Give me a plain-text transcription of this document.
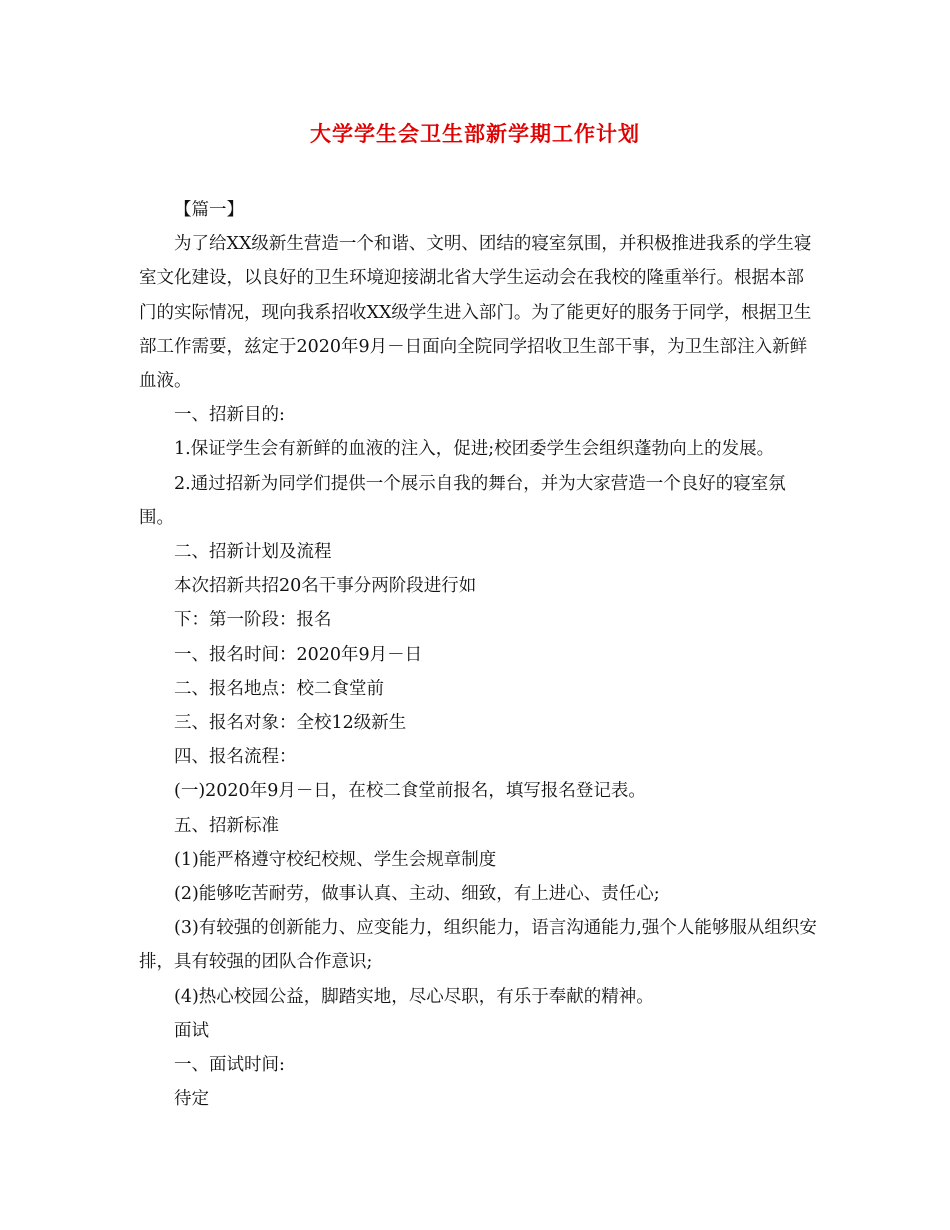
大学学生会卫生部新学期工作计划

【篇一】

为了给XX级新生营造一个和谐、文明、团结的寝室氛围，并积极推进我系的学生寝室文化建设，以良好的卫生环境迎接湖北省大学生运动会在我校的隆重举行。根据本部门的实际情况，现向我系招收XX级学生进入部门。为了能更好的服务于同学，根据卫生部工作需要，兹定于2020年9月－日面向全院同学招收卫生部干事，为卫生部注入新鲜血液。

一、招新目的:

1.保证学生会有新鲜的血液的注入，促进;校团委学生会组织蓬勃向上的发展。

2.通过招新为同学们提供一个展示自我的舞台，并为大家营造一个良好的寝室氛围。

二、招新计划及流程

本次招新共招20名干事分两阶段进行如

下：第一阶段：报名

一、报名时间：2020年9月－日

二、报名地点：校二食堂前

三、报名对象：全校12级新生

四、报名流程：

(一)2020年9月－日，在校二食堂前报名，填写报名登记表。

五、招新标准

(1)能严格遵守校纪校规、学生会规章制度

(2)能够吃苦耐劳，做事认真、主动、细致，有上进心、责任心;

(3)有较强的创新能力、应变能力，组织能力，语言沟通能力,强个人能够服从组织安排，具有较强的团队合作意识;

(4)热心校园公益，脚踏实地，尽心尽职，有乐于奉献的精神。

面试

一、面试时间:

待定
